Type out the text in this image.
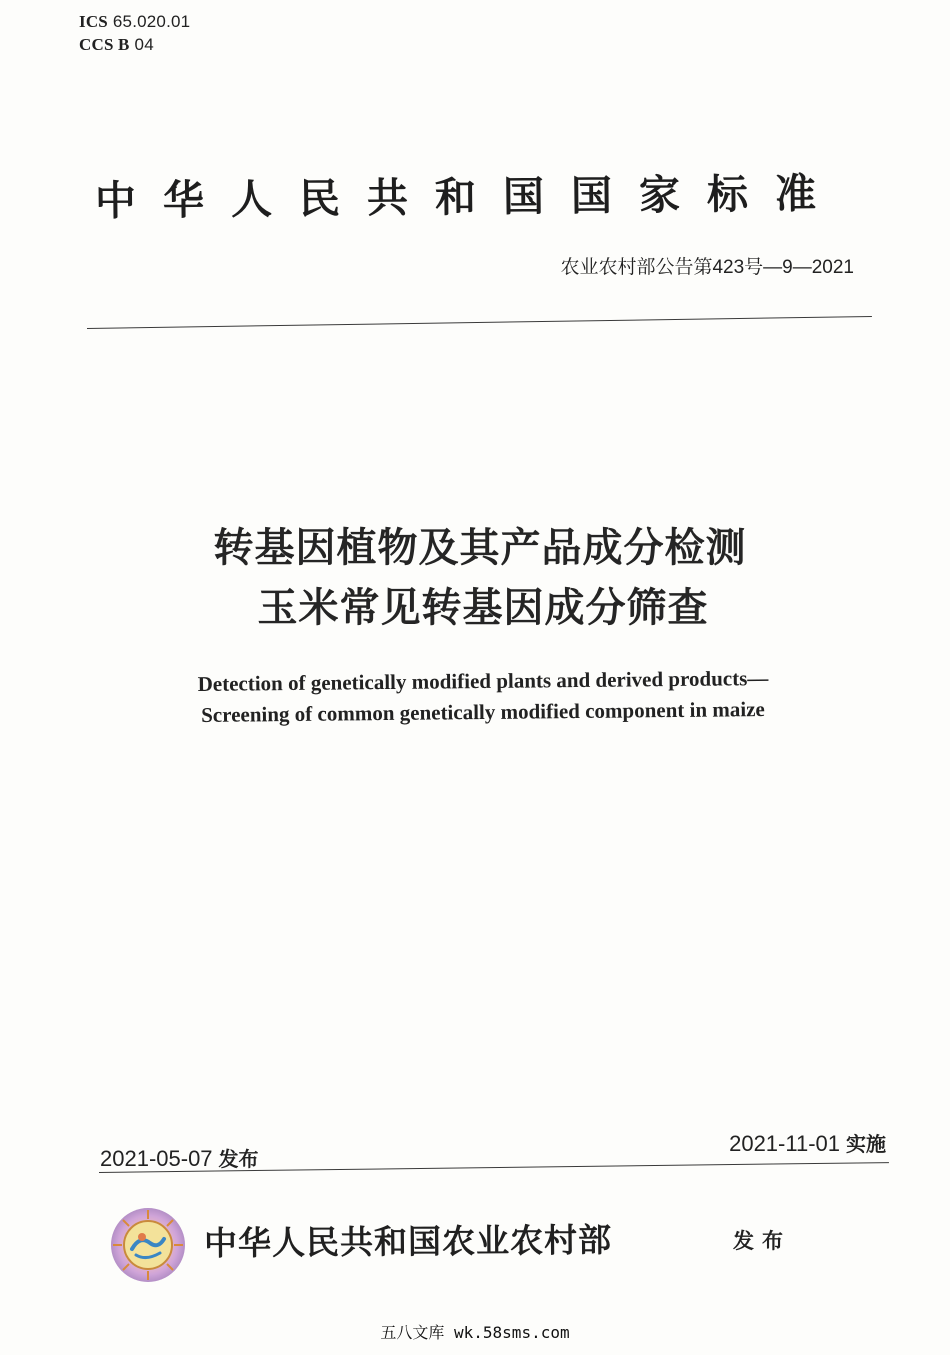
ICS 65.020.01
CCS B 04
中华人民共和国国家标准
农业农村部公告第423号—9—2021
转基因植物及其产品成分检测
玉米常见转基因成分筛查
Detection of genetically modified plants and derived products—
Screening of common genetically modified component in maize
2021-05-07 发布
2021-11-01 实施
中华人民共和国农业农村部	发布
五八文库 wk.58sms.com
